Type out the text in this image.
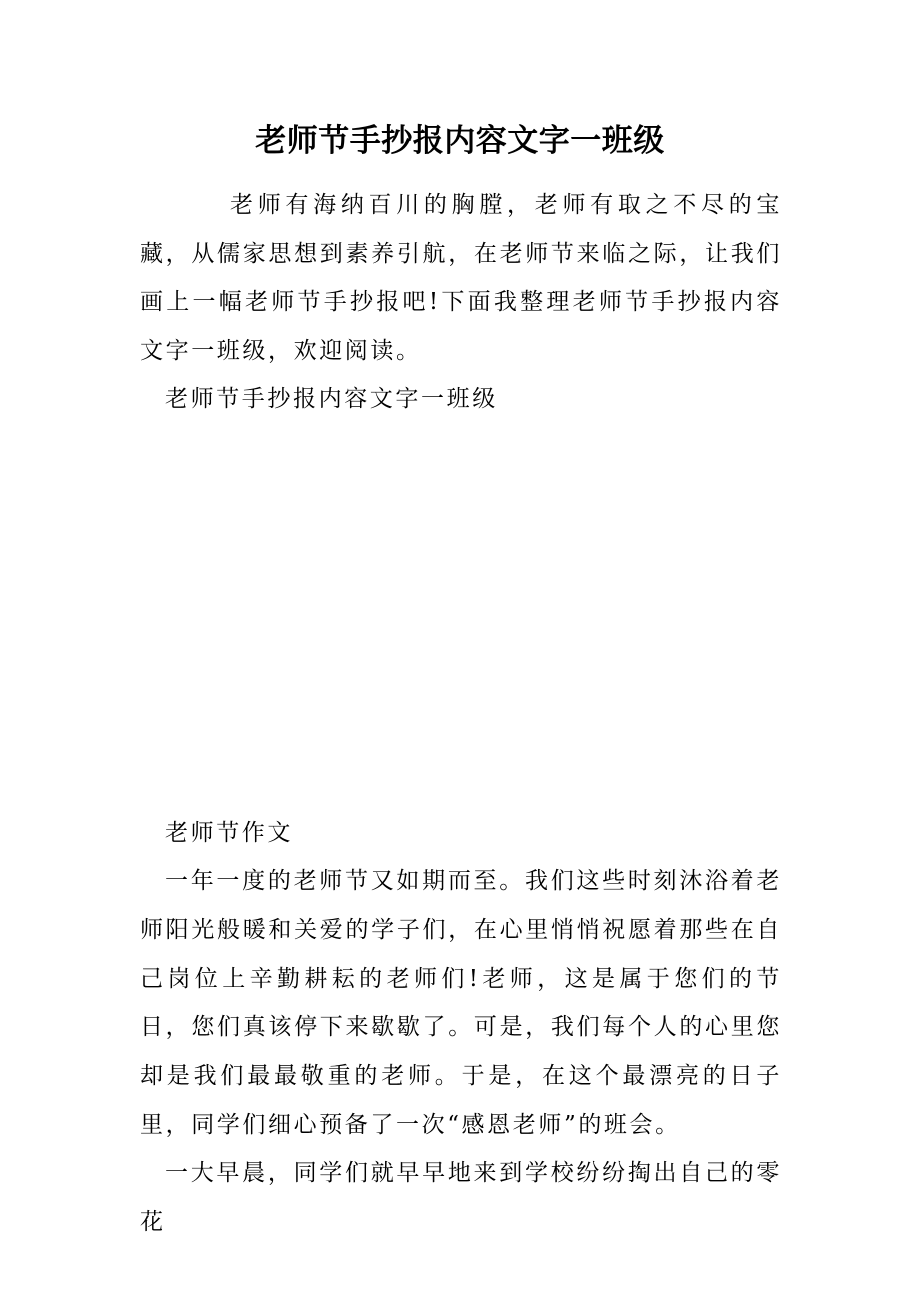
老师节手抄报内容文字一班级

老师有海纳百川的胸膛，老师有取之不尽的宝藏，从儒家思想到素养引航，在老师节来临之际，让我们画上一幅老师节手抄报吧!下面我整理老师节手抄报内容文字一班级，欢迎阅读。

老师节手抄报内容文字一班级

老师节作文

一年一度的老师节又如期而至。我们这些时刻沐浴着老师阳光般暖和关爱的学子们，在心里悄悄祝愿着那些在自己岗位上辛勤耕耘的老师们!老师，这是属于您们的节日，您们真该停下来歇歇了。可是，我们每个人的心里您却是我们最最敬重的老师。于是，在这个最漂亮的日子里，同学们细心预备了一次“感恩老师”的班会。

一大早晨，同学们就早早地来到学校纷纷掏出自己的零花
